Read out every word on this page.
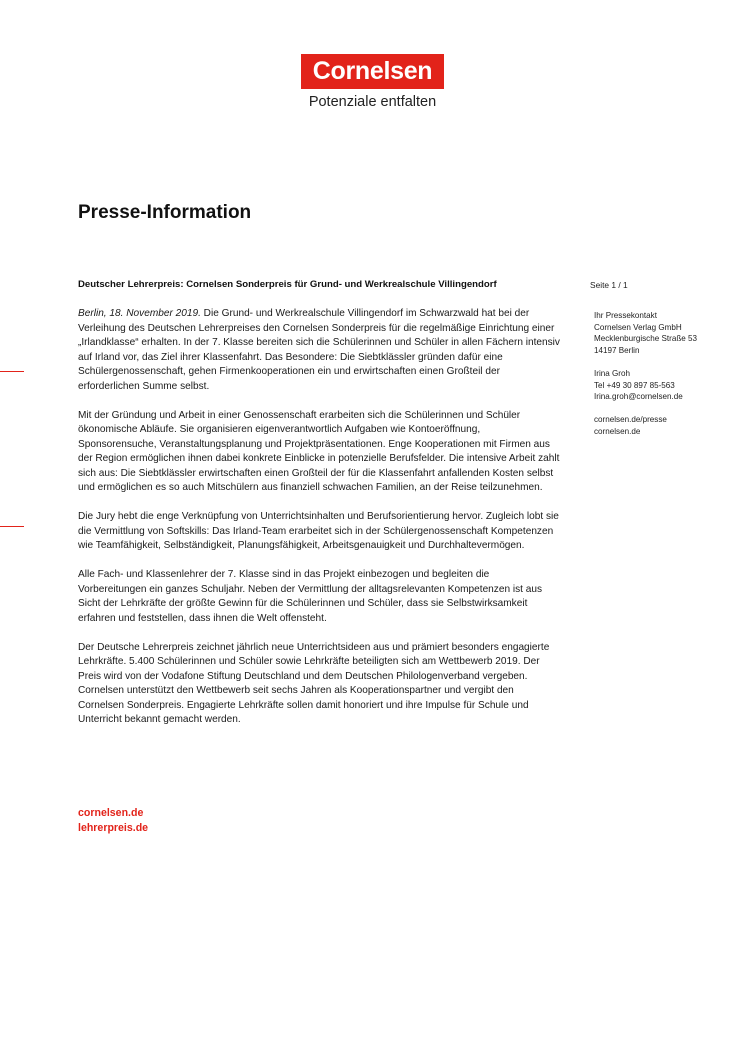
Cornelsen
Potenziale entfalten
Presse-Information
Deutscher Lehrerpreis: Cornelsen Sonderpreis für Grund- und Werkrealschule Villingendorf	Seite 1 / 1

Berlin, 18. November 2019. Die Grund- und Werkrealschule Villingendorf im Schwarzwald hat bei der Verleihung des Deutschen Lehrerpreises den Cornelsen Sonderpreis für die regelmäßige Einrichtung einer „Irlandklasse“ erhalten. In der 7. Klasse bereiten sich die Schülerinnen und Schüler in allen Fächern intensiv auf Irland vor, das Ziel ihrer Klassenfahrt. Das Besondere: Die Siebtklässler gründen dafür eine Schülergenossenschaft, gehen Firmenkooperationen ein und erwirtschaften einen Großteil der erforderlichen Summe selbst.

Mit der Gründung und Arbeit in einer Genossenschaft erarbeiten sich die Schülerinnen und Schüler ökonomische Abläufe. Sie organisieren eigenverantwortlich Aufgaben wie Kontoeröffnung, Sponsorensuche, Veranstaltungsplanung und Projektpräsentationen. Enge Kooperationen mit Firmen aus der Region ermöglichen ihnen dabei konkrete Einblicke in potenzielle Berufsfelder. Die intensive Arbeit zahlt sich aus: Die Siebtklässler erwirtschaften einen Großteil der für die Klassenfahrt anfallenden Kosten selbst und ermöglichen es so auch Mitschülern aus finanziell schwachen Familien, an der Reise teilzunehmen.

Die Jury hebt die enge Verknüpfung von Unterrichtsinhalten und Berufsorientierung hervor. Zugleich lobt sie die Vermittlung von Softskills: Das Irland-Team erarbeitet sich in der Schülergenossenschaft Kompetenzen wie Teamfähigkeit, Selbständigkeit, Planungsfähigkeit, Arbeitsgenauigkeit und Durchhaltevermögen.

Alle Fach- und Klassenlehrer der 7. Klasse sind in das Projekt einbezogen und begleiten die Vorbereitungen ein ganzes Schuljahr. Neben der Vermittlung der alltagsrelevanten Kompetenzen ist aus Sicht der Lehrkräfte der größte Gewinn für die Schülerinnen und Schüler, dass sie Selbstwirksamkeit erfahren und feststellen, dass ihnen die Welt offensteht.

Der Deutsche Lehrerpreis zeichnet jährlich neue Unterrichtsideen aus und prämiert besonders engagierte Lehrkräfte. 5.400 Schülerinnen und Schüler sowie Lehrkräfte beteiligten sich am Wettbewerb 2019. Der Preis wird von der Vodafone Stiftung Deutschland und dem Deutschen Philologenverband vergeben. Cornelsen unterstützt den Wettbewerb seit sechs Jahren als Kooperationspartner und vergibt den Cornelsen Sonderpreis. Engagierte Lehrkräfte sollen damit honoriert und ihre Impulse für Schule und Unterricht bekannt gemacht werden.

cornelsen.de
lehrerpreis.de
Ihr Pressekontakt
Cornelsen Verlag GmbH
Mecklenburgische Straße 53
14197 Berlin
Irina Groh
Tel +49 30 897 85-563
Irina.groh@cornelsen.de
cornelsen.de/presse
cornelsen.de
